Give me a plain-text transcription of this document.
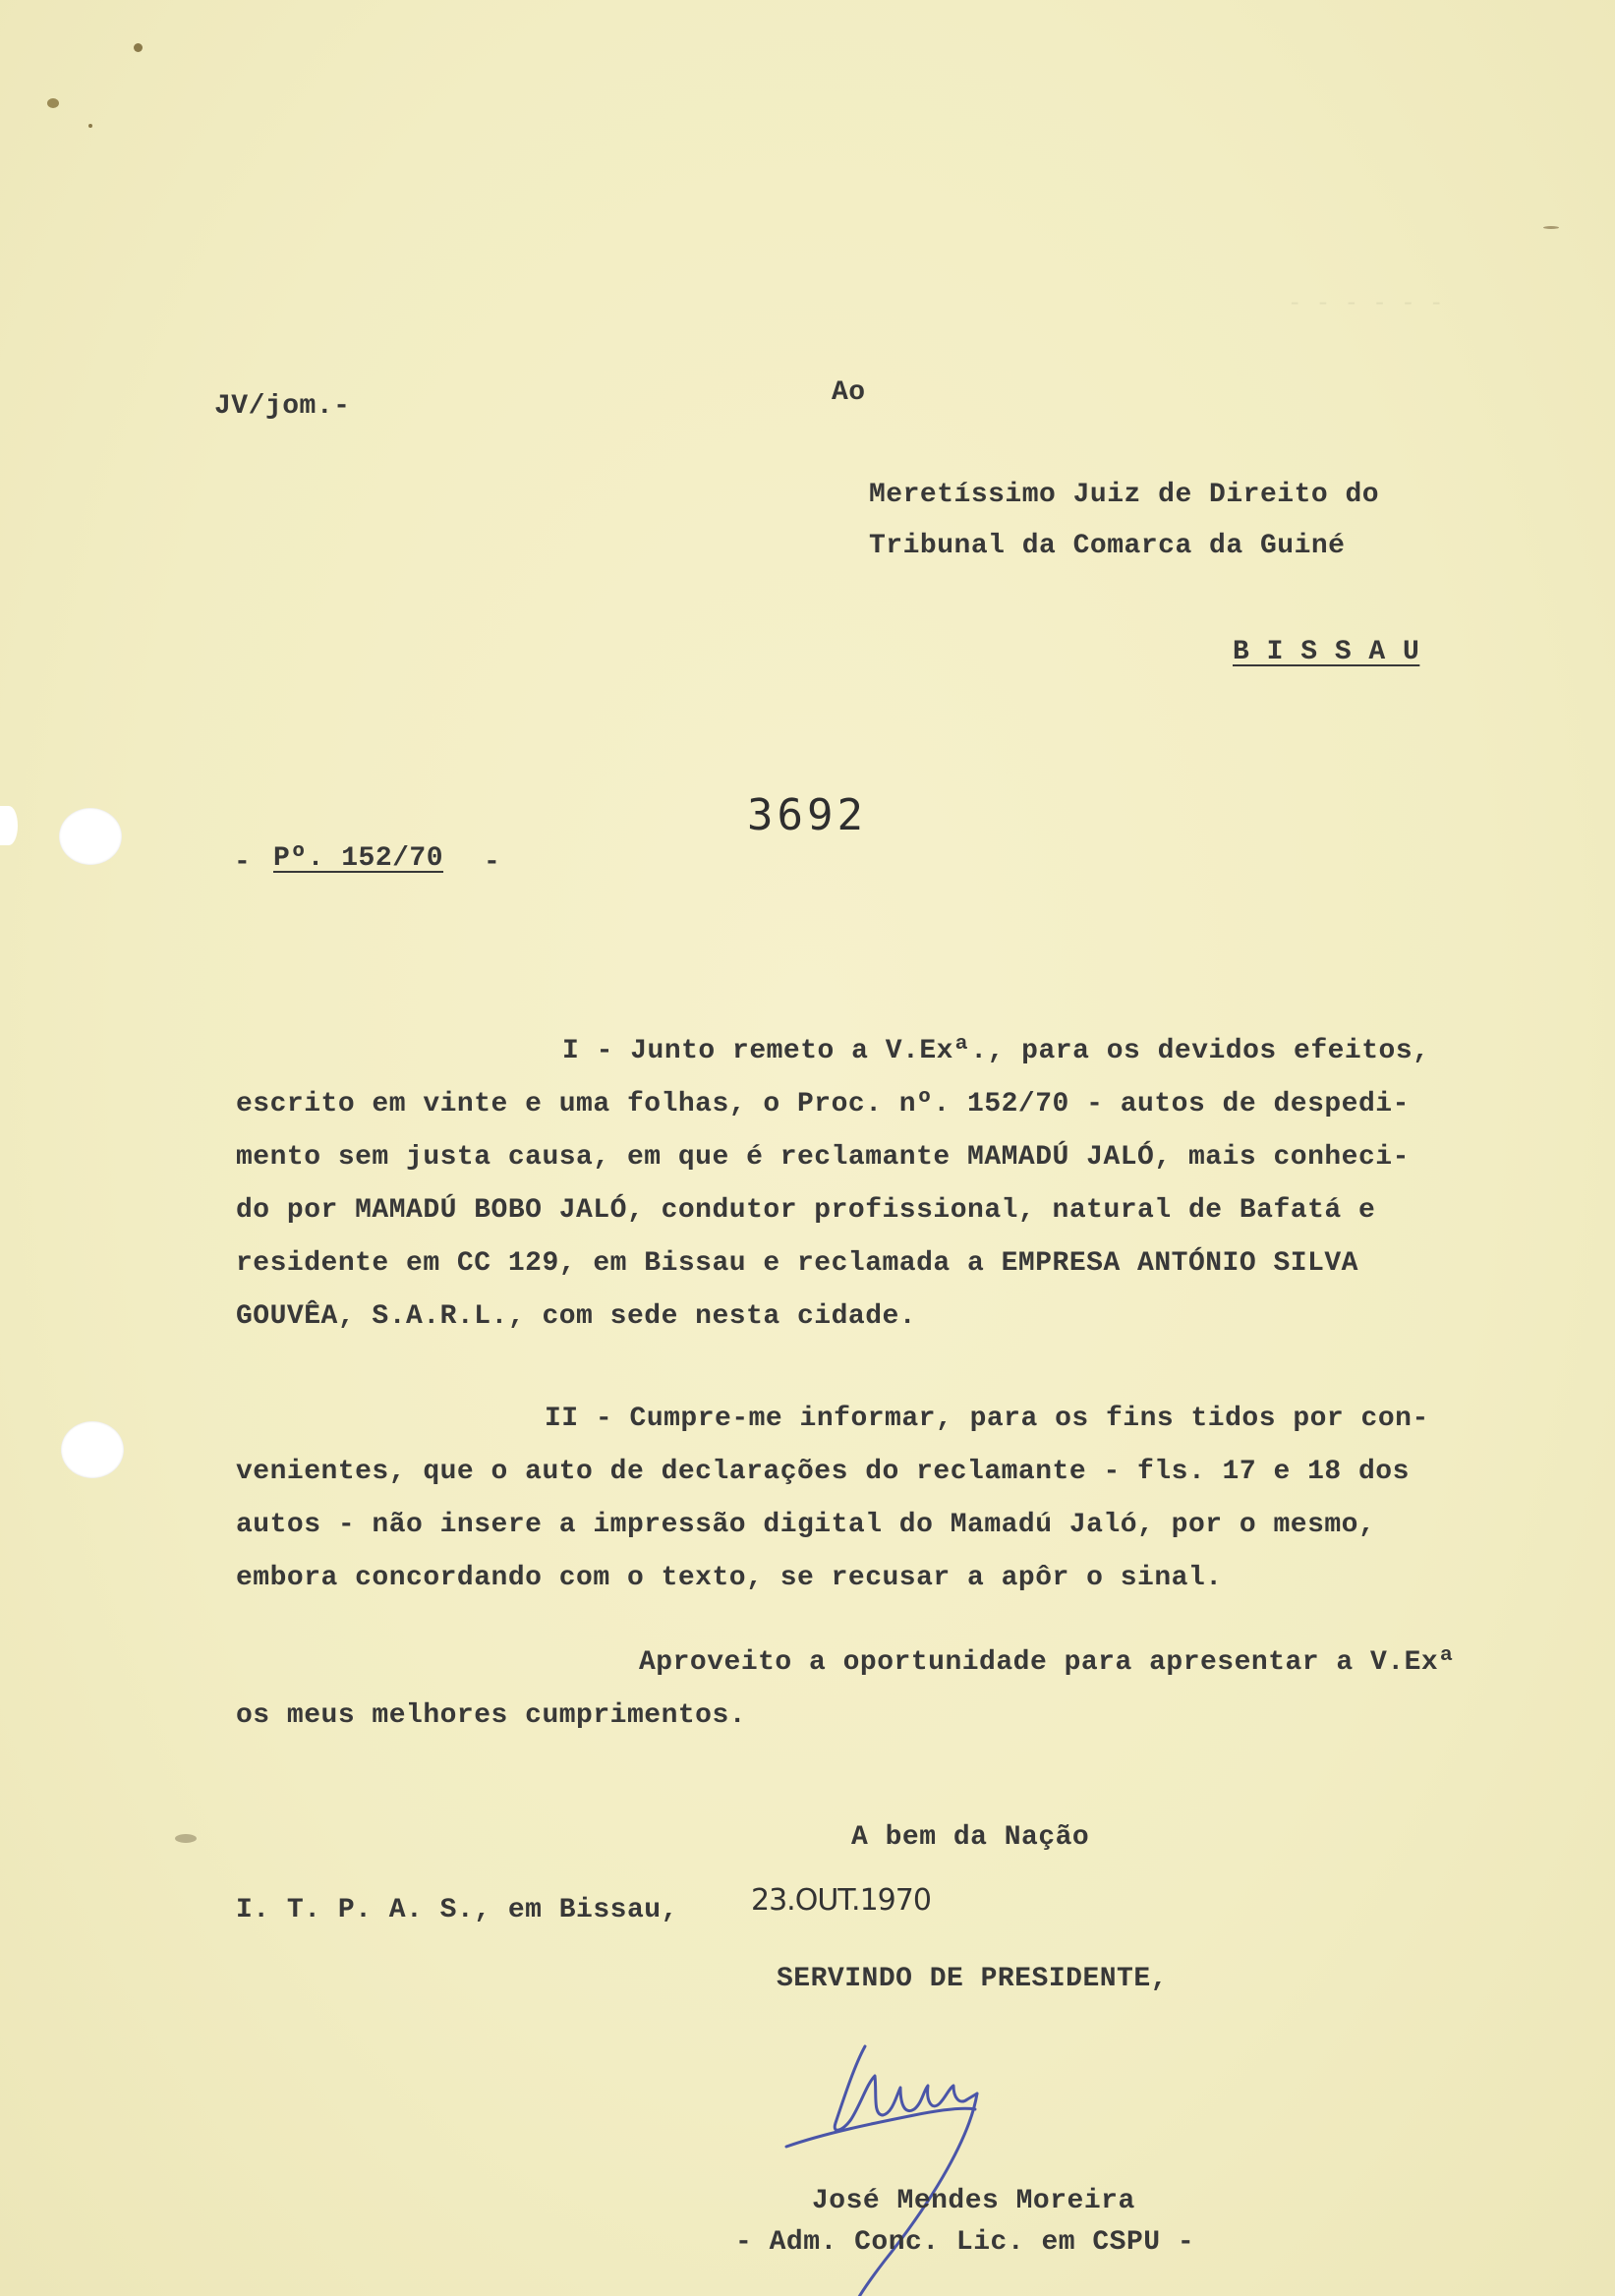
- - - - - -
JV/jom.-	Ao
Meretíssimo Juiz de Direito do
Tribunal da Comarca da Guiné
B I S S A U
3692
- Pº. 152/70 -
I - Junto remeto a V.Exª., para os devidos efeitos,
escrito em vinte e uma folhas, o Proc. nº. 152/70 - autos de despedi-
mento sem justa causa, em que é reclamante MAMADÚ JALÓ, mais conheci-
do por MAMADÚ BOBO JALÓ, condutor profissional, natural de Bafatá e
residente em CC 129, em Bissau e reclamada a EMPRESA ANTÓNIO SILVA
GOUVÊA, S.A.R.L., com sede nesta cidade.
II - Cumpre-me informar, para os fins tidos por con-
venientes, que o auto de declarações do reclamante - fls. 17 e 18 dos
autos - não insere a impressão digital do Mamadú Jaló, por o mesmo,
embora concordando com o texto, se recusar a apôr o sinal.
Aproveito a oportunidade para apresentar a V.Exª
os meus melhores cumprimentos.
A bem da Nação
I. T. P. A. S., em Bissau, 23.OUT.1970
SERVINDO DE PRESIDENTE,
José Mendes Moreira
- Adm. Conc. Lic. em CSPU -
